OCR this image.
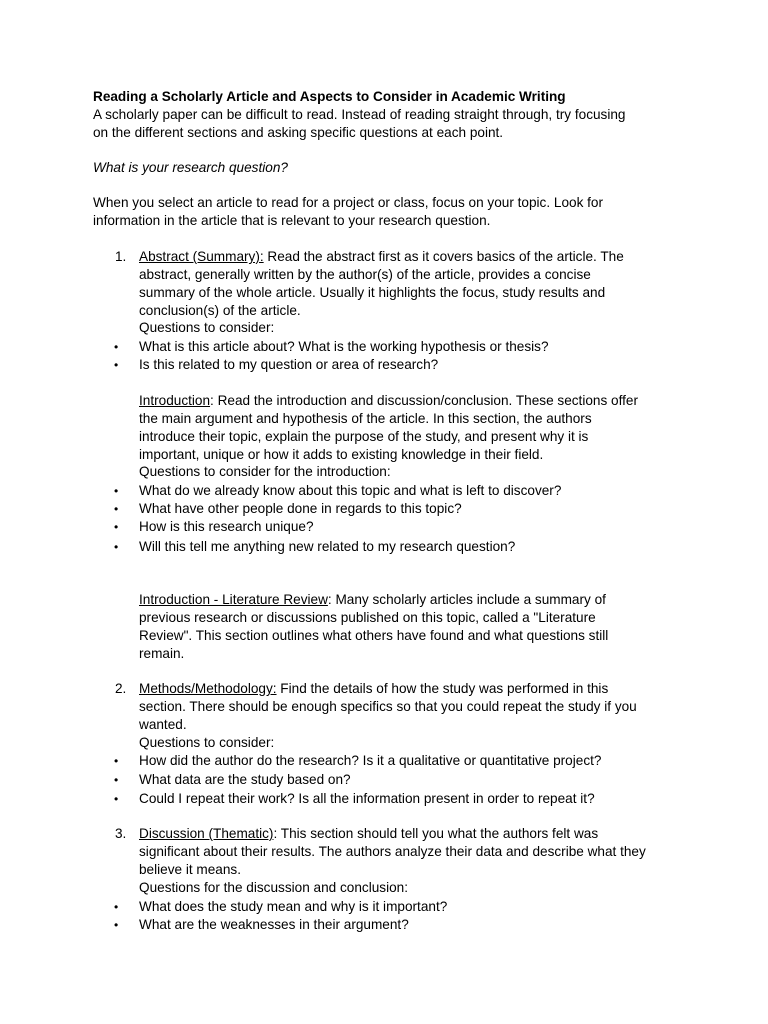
Reading a Scholarly Article and Aspects to Consider in Academic Writing
A scholarly paper can be difficult to read. Instead of reading straight through, try focusing
on the different sections and asking specific questions at each point.
What is your research question?
When you select an article to read for a project or class, focus on your topic. Look for
information in the article that is relevant to your research question.
1. Abstract (Summary): Read the abstract first as it covers basics of the article. The
abstract, generally written by the author(s) of the article, provides a concise
summary of the whole article. Usually it highlights the focus, study results and
conclusion(s) of the article.
Questions to consider:
• What is this article about? What is the working hypothesis or thesis?
• Is this related to my question or area of research?
Introduction: Read the introduction and discussion/conclusion. These sections offer
the main argument and hypothesis of the article. In this section, the authors
introduce their topic, explain the purpose of the study, and present why it is
important, unique or how it adds to existing knowledge in their field.
Questions to consider for the introduction:
• What do we already know about this topic and what is left to discover?
• What have other people done in regards to this topic?
• How is this research unique?
• Will this tell me anything new related to my research question?
Introduction - Literature Review: Many scholarly articles include a summary of
previous research or discussions published on this topic, called a "Literature
Review". This section outlines what others have found and what questions still
remain.
2. Methods/Methodology: Find the details of how the study was performed in this
section. There should be enough specifics so that you could repeat the study if you
wanted.
Questions to consider:
• How did the author do the research? Is it a qualitative or quantitative project?
• What data are the study based on?
• Could I repeat their work? Is all the information present in order to repeat it?
3. Discussion (Thematic): This section should tell you what the authors felt was
significant about their results. The authors analyze their data and describe what they
believe it means.
Questions for the discussion and conclusion:
• What does the study mean and why is it important?
• What are the weaknesses in their argument?
